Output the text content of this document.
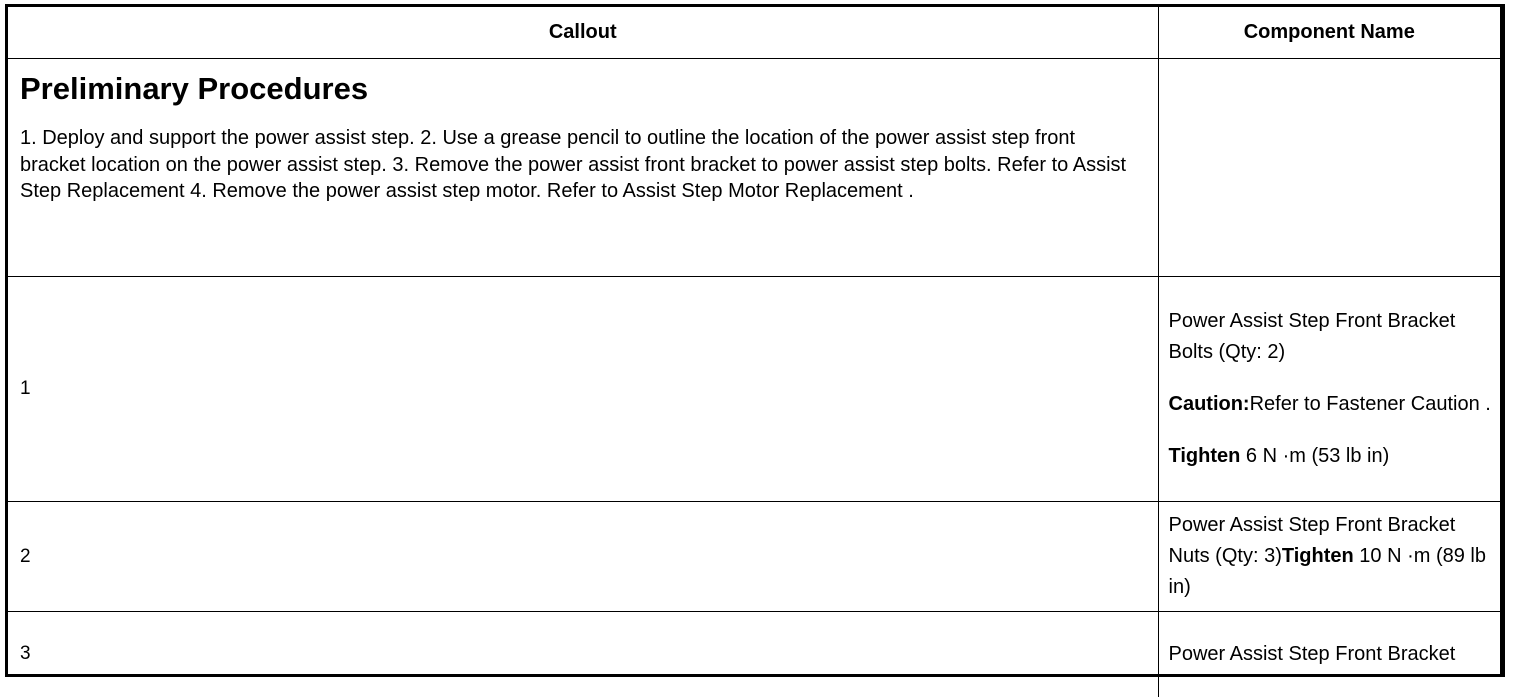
Callout	Component Name

Preliminary Procedures

1. Deploy and support the power assist step. 2. Use a grease pencil to outline the location of the power assist step front bracket location on the power assist step. 3. Remove the power assist front bracket to power assist step bolts. Refer to Assist Step Replacement 4. Remove the power assist step motor. Refer to Assist Step Motor Replacement .	

1	Power Assist Step Front Bracket Bolts (Qty: 2)

Caution:Refer to Fastener Caution .

Tighten 6 N ·m (53 lb in)

2	Power Assist Step Front Bracket Nuts (Qty: 3)Tighten 10 N ·m (89 lb in)

3	Power Assist Step Front Bracket
